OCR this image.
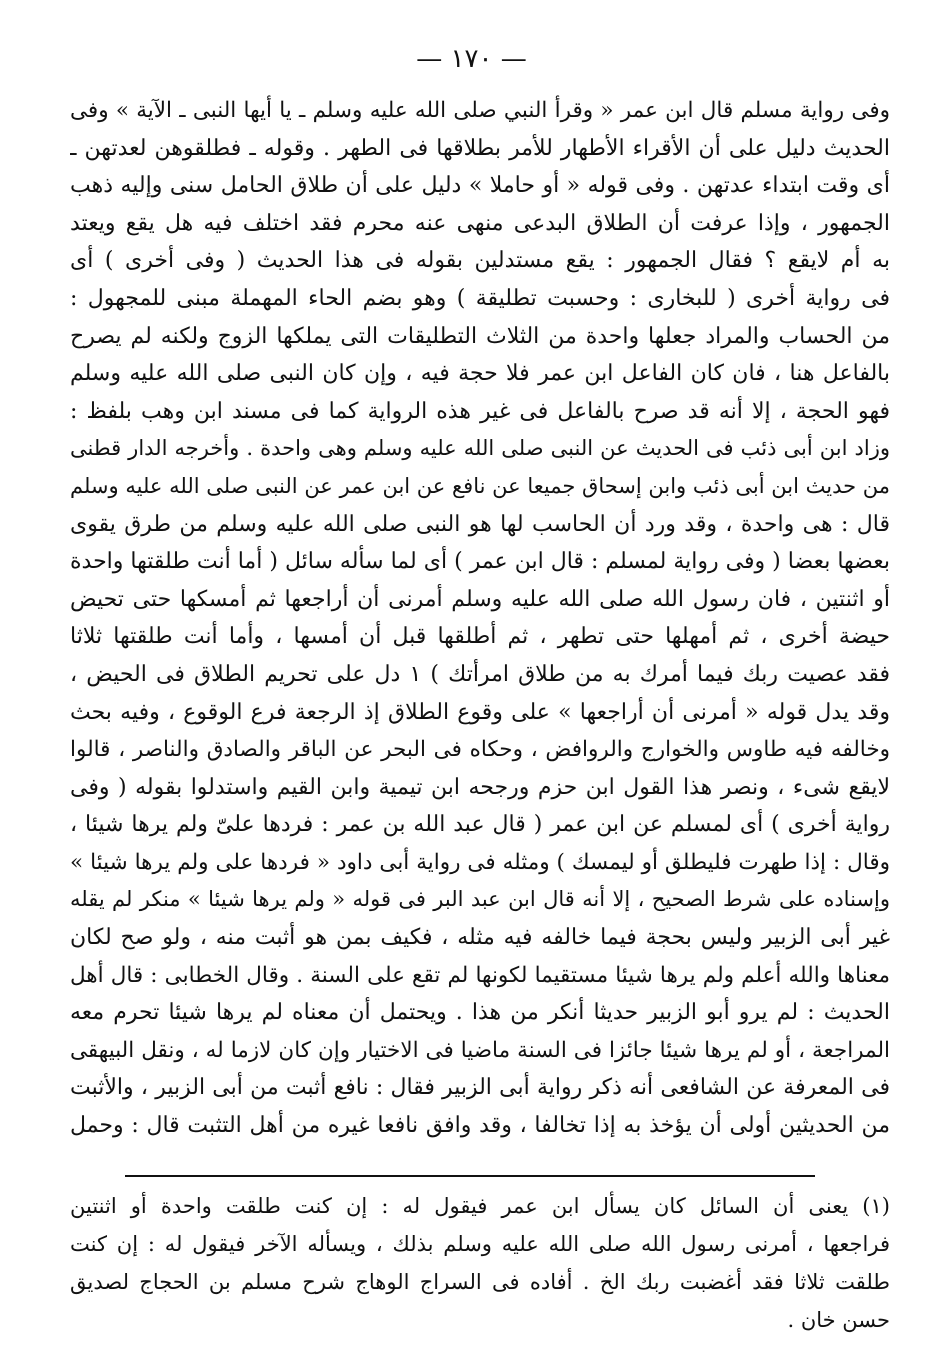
— ١٧٠ —
وفى رواية مسلم قال ابن عمر « وقرأ النبي صلى الله عليه وسلم ـ يا أيها النبى ـ الآية » وفى
الحديث دليل على أن الأقراء الأطهار للأمر بطلاقها فى الطهر . وقوله ـ فطلقوهن لعدتهن ـ
أى وقت ابتداء عدتهن . وفى قوله « أو حاملا » دليل على أن طلاق الحامل سنى وإليه ذهب
الجمهور ، وإذا عرفت أن الطلاق البدعى منهى عنه محرم فقد اختلف فيه هل يقع ويعتد
به أم لايقع ؟ فقال الجمهور : يقع مستدلين بقوله فى هذا الحديث ( وفى أخرى ) أى
فى رواية أخرى ( للبخارى : وحسبت تطليقة ) وهو بضم الحاء المهملة مبنى للمجهول :
من الحساب والمراد جعلها واحدة من الثلاث التطليقات التى يملكها الزوج ولكنه لم يصرح
بالفاعل هنا ، فان كان الفاعل ابن عمر فلا حجة فيه ، وإن كان النبى صلى الله عليه وسلم
فهو الحجة ، إلا أنه قد صرح بالفاعل فى غير هذه الرواية كما فى مسند ابن وهب بلفظ :
وزاد ابن أبى ذئب فى الحديث عن النبى صلى الله عليه وسلم وهى واحدة . وأخرجه الدار قطنى
من حديث ابن أبى ذئب وابن إسحاق جميعا عن نافع عن ابن عمر عن النبى صلى الله عليه وسلم
قال : هى واحدة ، وقد ورد أن الحاسب لها هو النبى صلى الله عليه وسلم من طرق يقوى
بعضها بعضا ( وفى رواية لمسلم : قال ابن عمر ) أى لما سأله سائل ( أما أنت طلقتها واحدة
أو اثنتين ، فان رسول الله صلى الله عليه وسلم أمرنى أن أراجعها ثم أمسكها حتى تحيض
حيضة أخرى ، ثم أمهلها حتى تطهر ، ثم أطلقها قبل أن أمسها ، وأما أنت طلقتها ثلاثا
فقد عصيت ربك فيما أمرك به من طلاق امرأتك ) ١ دل على تحريم الطلاق فى الحيض ،
وقد يدل قوله « أمرنى أن أراجعها » على وقوع الطلاق إذ الرجعة فرع الوقوع ، وفيه بحث
وخالفه فيه طاوس والخوارج والروافض ، وحكاه فى البحر عن الباقر والصادق والناصر ، قالوا
لايقع شىء ، ونصر هذا القول ابن حزم ورجحه ابن تيمية وابن القيم واستدلوا بقوله ( وفى
رواية أخرى ) أى لمسلم عن ابن عمر ( قال عبد الله بن عمر : فردها علىّ ولم يرها شيئا ،
وقال : إذا طهرت فليطلق أو ليمسك ) ومثله فى رواية أبى داود « فردها على ولم يرها شيئا »
وإسناده على شرط الصحيح ، إلا أنه قال ابن عبد البر فى قوله « ولم يرها شيئا » منكر لم يقله
غير أبى الزبير وليس بحجة فيما خالفه فيه مثله ، فكيف بمن هو أثبت منه ، ولو صح لكان
معناها والله أعلم ولم يرها شيئا مستقيما لكونها لم تقع على السنة . وقال الخطابى : قال أهل
الحديث : لم يرو أبو الزبير حديثا أنكر من هذا . ويحتمل أن معناه لم يرها شيئا تحرم معه
المراجعة ، أو لم يرها شيئا جائزا فى السنة ماضيا فى الاختيار وإن كان لازما له ، ونقل البيهقى
فى المعرفة عن الشافعى أنه ذكر رواية أبى الزبير فقال : نافع أثبت من أبى الزبير ، والأثبت
من الحديثين أولى أن يؤخذ به إذا تخالفا ، وقد وافق نافعا غيره من أهل التثبت قال : وحمل
(١) يعنى أن السائل كان يسأل ابن عمر فيقول له : إن كنت طلقت واحدة أو اثنتين
فراجعها ، أمرنى رسول الله صلى الله عليه وسلم بذلك ، ويسأله الآخر فيقول له : إن كنت
طلقت ثلاثا فقد أغضبت ربك الخ . أفاده فى السراج الوهاج شرح مسلم بن الحجاج لصديق
حسن خان .
